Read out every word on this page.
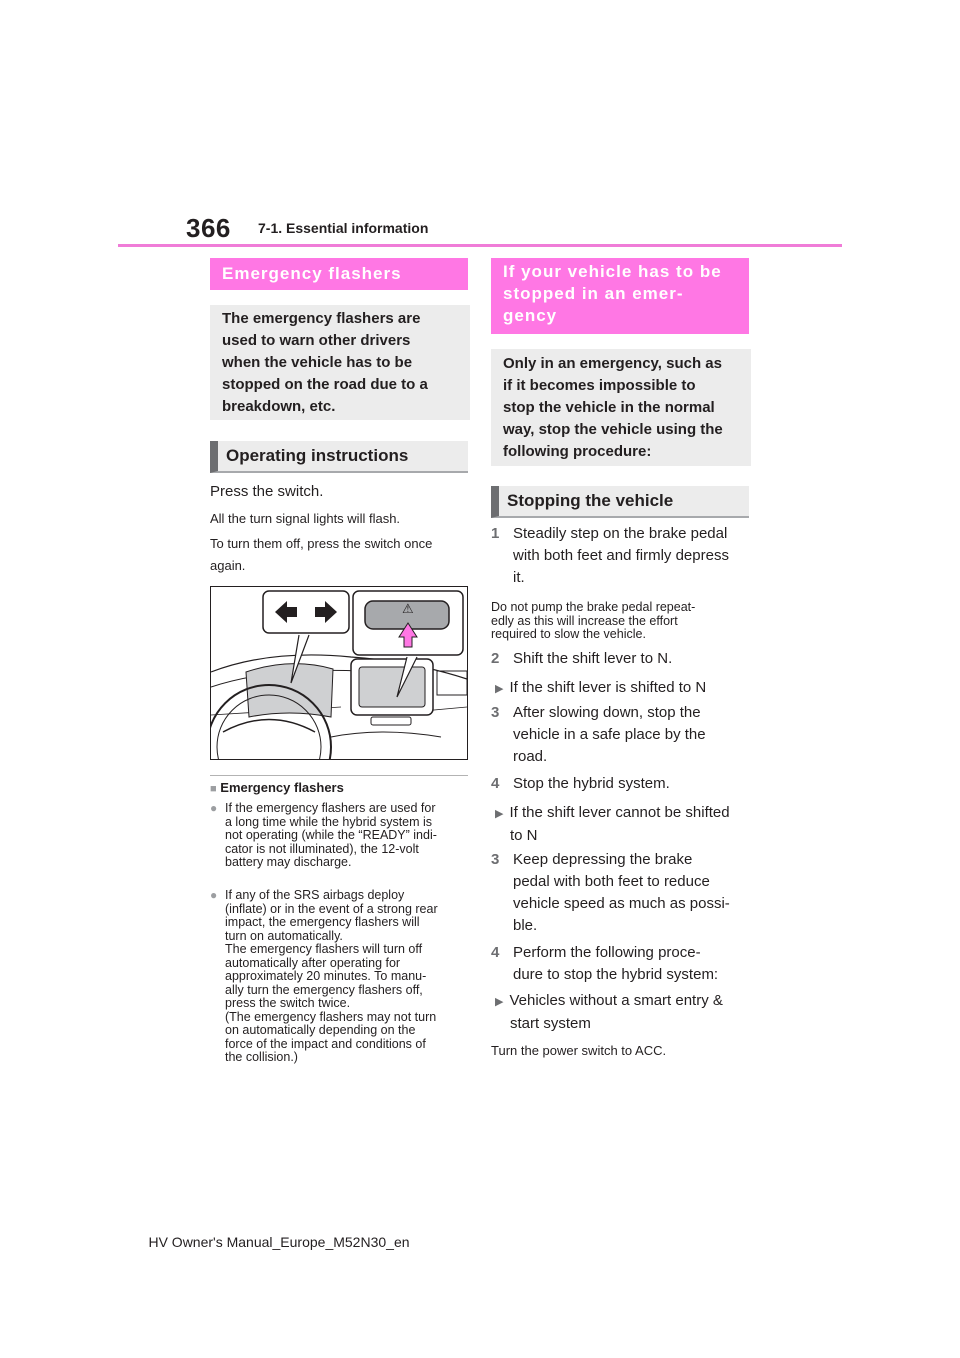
366 7-1. Essential information
Emergency flashers
The emergency flashers are
used to warn other drivers
when the vehicle has to be
stopped on the road due to a
breakdown, etc.
Operating instructions
Press the switch.
All the turn signal lights will flash.
To turn them off, press the switch once
again.
⚠
■ Emergency flashers
● If the emergency flashers are used for
a long time while the hybrid system is
not operating (while the “READY” indi-
cator is not illuminated), the 12-volt
battery may discharge.
● If any of the SRS airbags deploy
(inflate) or in the event of a strong rear
impact, the emergency flashers will
turn on automatically.
The emergency flashers will turn off
automatically after operating for
approximately 20 minutes. To manu-
ally turn the emergency flashers off,
press the switch twice.
(The emergency flashers may not turn
on automatically depending on the
force of the impact and conditions of
the collision.)
If your vehicle has to be
stopped in an emer-
gency
Only in an emergency, such as
if it becomes impossible to
stop the vehicle in the normal
way, stop the vehicle using the
following procedure:
Stopping the vehicle
1 Steadily step on the brake pedal
with both feet and firmly depress
it.
Do not pump the brake pedal repeat-
edly as this will increase the effort
required to slow the vehicle.
2 Shift the shift lever to N.
▶ If the shift lever is shifted to N
3 After slowing down, stop the
vehicle in a safe place by the
road.
4 Stop the hybrid system.
▶ If the shift lever cannot be shifted
to N
3 Keep depressing the brake
pedal with both feet to reduce
vehicle speed as much as possi-
ble.
4 Perform the following proce-
dure to stop the hybrid system:
▶ Vehicles without a smart entry &
start system
Turn the power switch to ACC.
HV Owner's Manual_Europe_M52N30_en
